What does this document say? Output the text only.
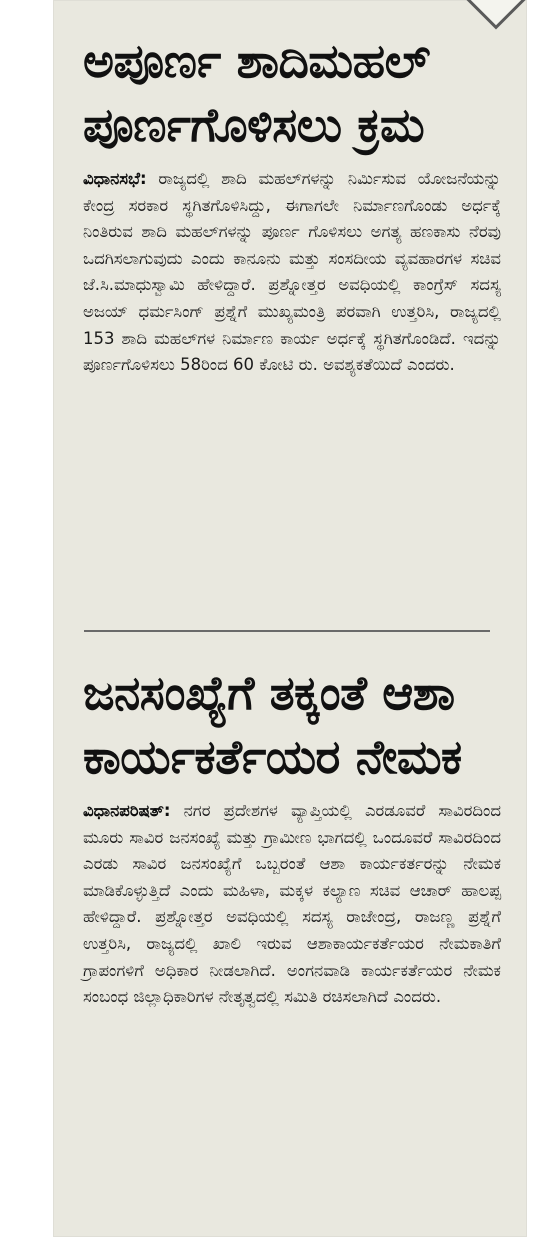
ಅಪೂರ್ಣ ಶಾದಿಮಹಲ್
ಪೂರ್ಣಗೊಳಿಸಲು ಕ್ರಮ

ವಿಧಾನಸಭೆ: ರಾಜ್ಯದಲ್ಲಿ ಶಾದಿ ಮಹಲ್‌ಗಳನ್ನು ನಿರ್ಮಿಸುವ ಯೋಜನೆಯನ್ನು ಕೇಂದ್ರ ಸರಕಾರ ಸ್ಥಗಿತಗೊಳಿಸಿದ್ದು, ಈಗಾಗಲೇ ನಿರ್ಮಾಣಗೊಂಡು ಅರ್ಧಕ್ಕೆ ನಿಂತಿರುವ ಶಾದಿ ಮಹಲ್‌ಗಳನ್ನು ಪೂರ್ಣ ಗೊಳಿಸಲು ಅಗತ್ಯ ಹಣಕಾಸು ನೆರವು ಒದಗಿಸಲಾಗುವುದು ಎಂದು ಕಾನೂನು ಮತ್ತು ಸಂಸದೀಯ ವ್ಯವಹಾರಗಳ ಸಚಿವ ಜೆ.ಸಿ.ಮಾಧುಸ್ವಾಮಿ ಹೇಳಿದ್ದಾರೆ. ಪ್ರಶ್ನೋತ್ತರ ಅವಧಿಯಲ್ಲಿ ಕಾಂಗ್ರೆಸ್ ಸದಸ್ಯ ಅಜಯ್ ಧರ್ಮಸಿಂಗ್ ಪ್ರಶ್ನೆಗೆ ಮುಖ್ಯಮಂತ್ರಿ ಪರವಾಗಿ ಉತ್ತರಿಸಿ, ರಾಜ್ಯದಲ್ಲಿ 153 ಶಾದಿ ಮಹಲ್‌ಗಳ ನಿರ್ಮಾಣ ಕಾರ್ಯ ಅರ್ಧಕ್ಕೆ ಸ್ಥಗಿತಗೊಂಡಿದೆ. ಇದನ್ನು ಪೂರ್ಣಗೊಳಿಸಲು 58ರಿಂದ 60 ಕೋಟಿ ರು. ಅವಶ್ಯಕತೆಯಿದೆ ಎಂದರು.

ಜನಸಂಖ್ಯೆಗೆ ತಕ್ಕಂತೆ ಆಶಾ
ಕಾರ್ಯಕರ್ತೆಯರ ನೇಮಕ

ವಿಧಾನಪರಿಷತ್: ನಗರ ಪ್ರದೇಶಗಳ ವ್ಯಾಪ್ತಿಯಲ್ಲಿ ಎರಡೂವರೆ ಸಾವಿರದಿಂದ ಮೂರು ಸಾವಿರ ಜನಸಂಖ್ಯೆ ಮತ್ತು ಗ್ರಾಮೀಣ ಭಾಗದಲ್ಲಿ ಒಂದೂವರೆ ಸಾವಿರದಿಂದ ಎರಡು ಸಾವಿರ ಜನಸಂಖ್ಯೆಗೆ ಒಬ್ಬರಂತೆ ಆಶಾ ಕಾರ್ಯಕರ್ತರನ್ನು ನೇಮಕ ಮಾಡಿಕೊಳ್ಳುತ್ತಿದೆ ಎಂದು ಮಹಿಳಾ, ಮಕ್ಕಳ ಕಲ್ಯಾಣ ಸಚಿವ ಆಚಾರ್ ಹಾಲಪ್ಪ ಹೇಳಿದ್ದಾರೆ. ಪ್ರಶ್ನೋತ್ತರ ಅವಧಿಯಲ್ಲಿ ಸದಸ್ಯ ರಾಜೇಂದ್ರ, ರಾಜಣ್ಣ ಪ್ರಶ್ನೆಗೆ ಉತ್ತರಿಸಿ, ರಾಜ್ಯದಲ್ಲಿ ಖಾಲಿ ಇರುವ ಆಶಾಕಾರ್ಯಕರ್ತೆಯರ ನೇಮಕಾತಿಗೆ ಗ್ರಾಪಂಗಳಿಗೆ ಅಧಿಕಾರ ನೀಡಲಾಗಿದೆ. ಅಂಗನವಾಡಿ ಕಾರ್ಯಕರ್ತೆಯರ ನೇಮಕ ಸಂಬಂಧ ಜಿಲ್ಲಾಧಿಕಾರಿಗಳ ನೇತೃತ್ವದಲ್ಲಿ ಸಮಿತಿ ರಚಿಸಲಾಗಿದೆ ಎಂದರು.
